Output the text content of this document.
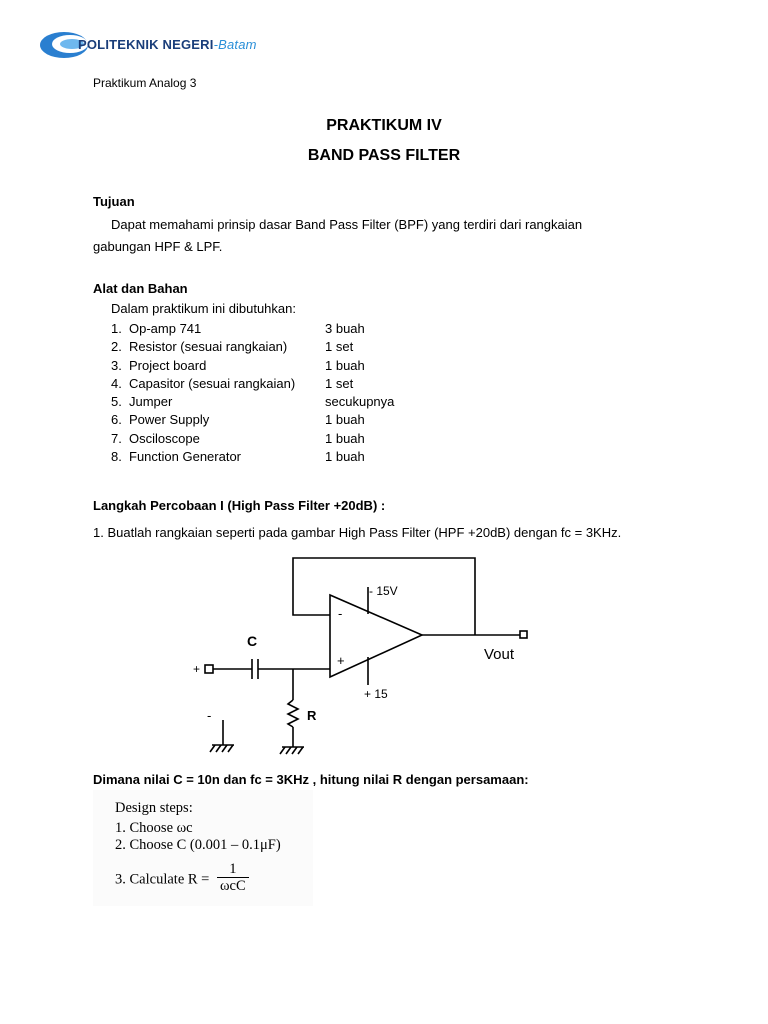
POLITEKNIK NEGERI-Batam
Praktikum Analog 3
PRAKTIKUM IV
BAND PASS FILTER
Tujuan
Dapat memahami prinsip dasar Band Pass Filter (BPF) yang terdiri dari rangkaian
gabungan HPF & LPF.
Alat dan Bahan
Dalam praktikum ini dibutuhkan:
1. Op-amp 741	3 buah
2. Resistor (sesuai rangkaian)	1 set
3. Project board	1 buah
4. Capasitor (sesuai rangkaian)	1 set
5. Jumper	secukupnya
6. Power Supply	1 buah
7. Osciloscope	1 buah
8. Function Generator	1 buah
Langkah Percobaan I (High Pass Filter +20dB) :
1. Buatlah rangkaian seperti pada gambar High Pass Filter (HPF +20dB) dengan fc = 3KHz.
- 15V
+ 15
-
+
C
R
Vout
+
-
Dimana nilai C = 10n dan fc = 3KHz , hitung nilai R dengan persamaan:
Design steps:
1. Choose ωc
2. Choose C (0.001 – 0.1μF)
3. Calculate R =
1
ωcC
